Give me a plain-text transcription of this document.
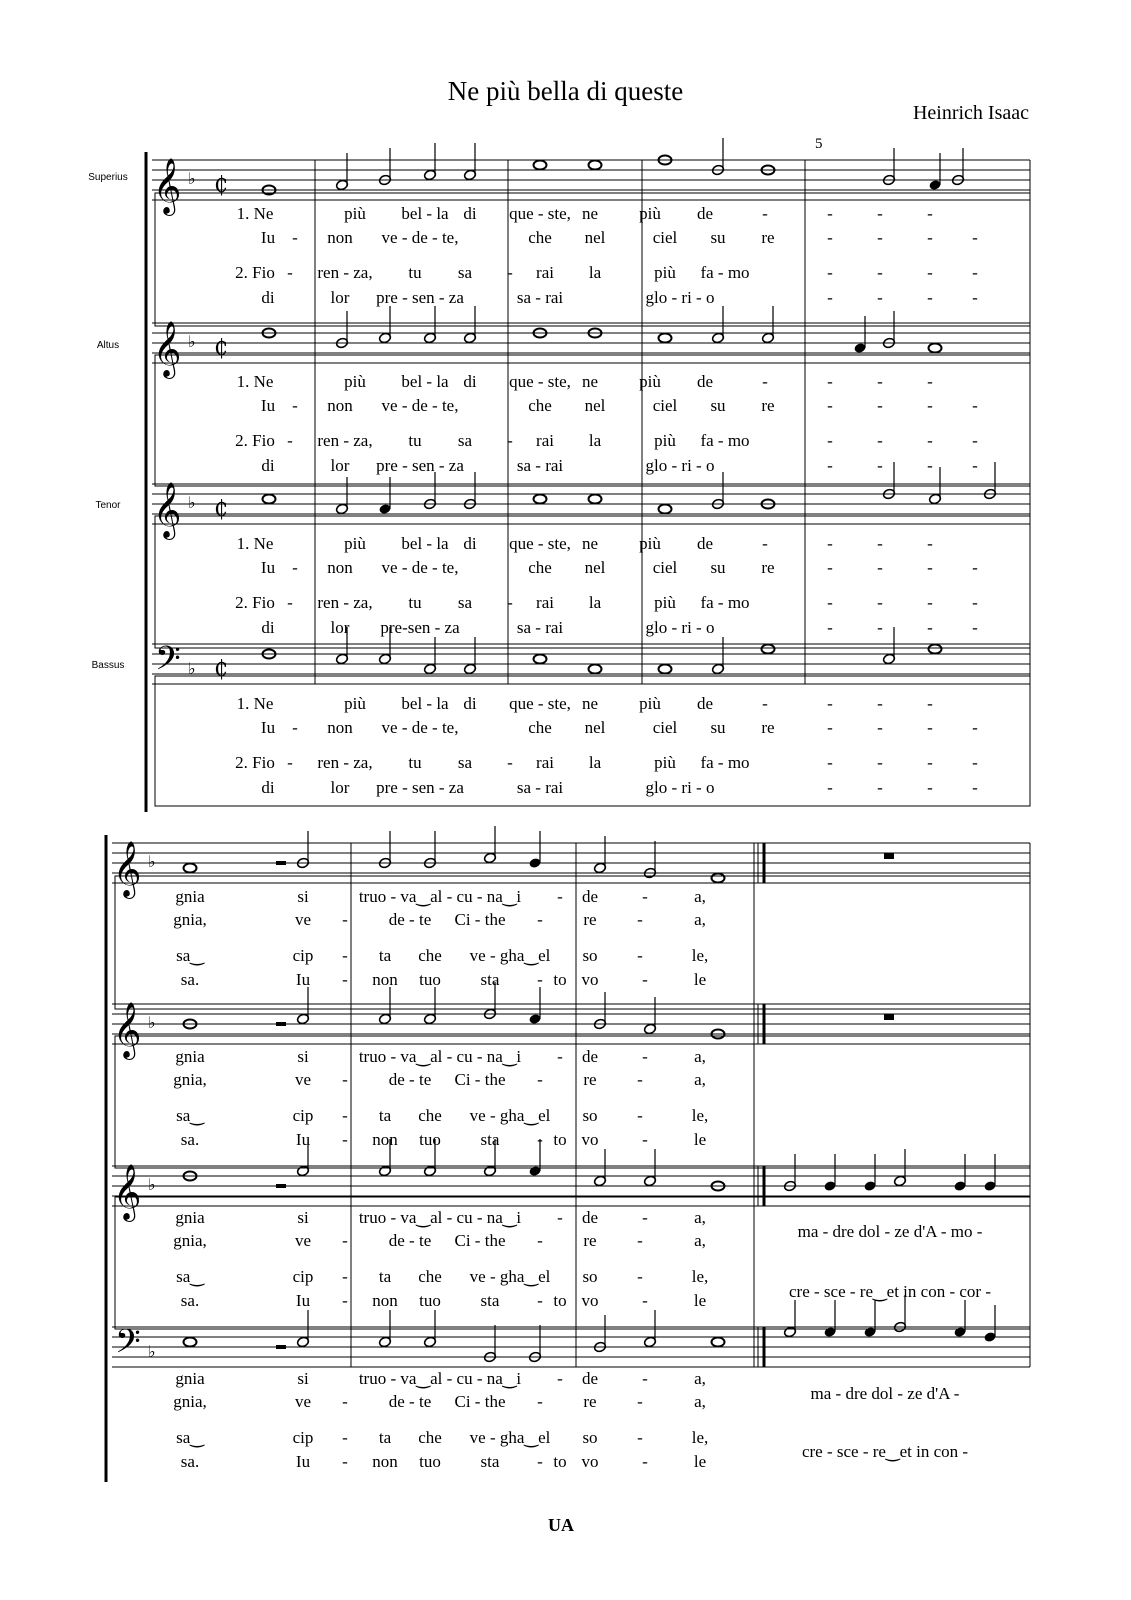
Ne più bella di queste
Heinrich Isaac
5
Superius
Altus
Tenor
Bassus
𝄞 ♭ ₵
𝄞 ♭ ₵
𝄞 ♭ ₵
𝄢 ♭ ₵
𝄞 ♭
𝄞 ♭
𝄞 ♭
𝄢 ♭
1. Ne	più bel - la di que - ste, ne più de	-	-	-	-
Iu - non ve - de - te,	che nel	ciel su re	-	-	- -
2. Fio - ren - za, tu sa - rai la	più fa - mo	-	-	- -
di	lor pre - sen - za	sa - rai	glo - ri - o	-	-	- -
1. Ne	più bel - la di que - ste, ne più de	-	-	-	-
Iu - non ve - de - te,	che nel	ciel su re	-	-	- -
2. Fio - ren - za, tu sa - rai la	più fa - mo	-	-	- -
di	lor pre - sen - za	sa - rai	glo - ri - o	-	-	- -
1. Ne	più bel - la di que - ste, ne più de	-	-	-	-
Iu - non ve - de - te,	che nel	ciel su re	-	-	- -
2. Fio - ren - za, tu sa - rai la	più fa - mo	-	-	- -
di	lor pre-sen - za	sa - rai	glo - ri - o	-	-	- -
1. Ne	più bel - la di que - ste, ne più de	-	-	-	-
Iu - non ve - de - te,	che nel	ciel su re	-	-	- -
2. Fio - ren - za, tu sa - rai la	più fa - mo	-	-	- -
di	lor pre - sen - za	sa - rai	glo - ri - o	-	-	- -
gnia	si	truo - va‿al - cu - na‿i - de	-	a,
gnia,	ve - de - te Ci - the - re -	a,
sa‿	cip - ta che ve - gha‿el so -	le,
sa.	Iu - non tuo sta - to vo	-	le
gnia	si	truo - va‿al - cu - na‿i - de	-	a,
gnia,	ve - de - te Ci - the - re -	a,
sa‿	cip - ta che ve - gha‿el so -	le,
sa.	Iu - non tuo sta - to vo	-	le
gnia	si	truo - va‿al - cu - na‿i - de	-	a,
gnia,	ve - de - te Ci - the - re -	a,
sa‿	cip - ta che ve - gha‿el so -	le,
sa.	Iu - non tuo sta - to vo	-	le
gnia	si	truo - va‿al - cu - na‿i - de	-	a,
gnia,	ve - de - te Ci - the - re -	a,
sa‿	cip - ta che ve - gha‿el so -	le,
sa.	Iu - non tuo sta - to vo	-	le
ma - dre dol - ze d'A - mo -
cre - sce - re‿et in con - cor -
ma - dre dol - ze d'A -
cre - sce - re‿et in con -
UA
